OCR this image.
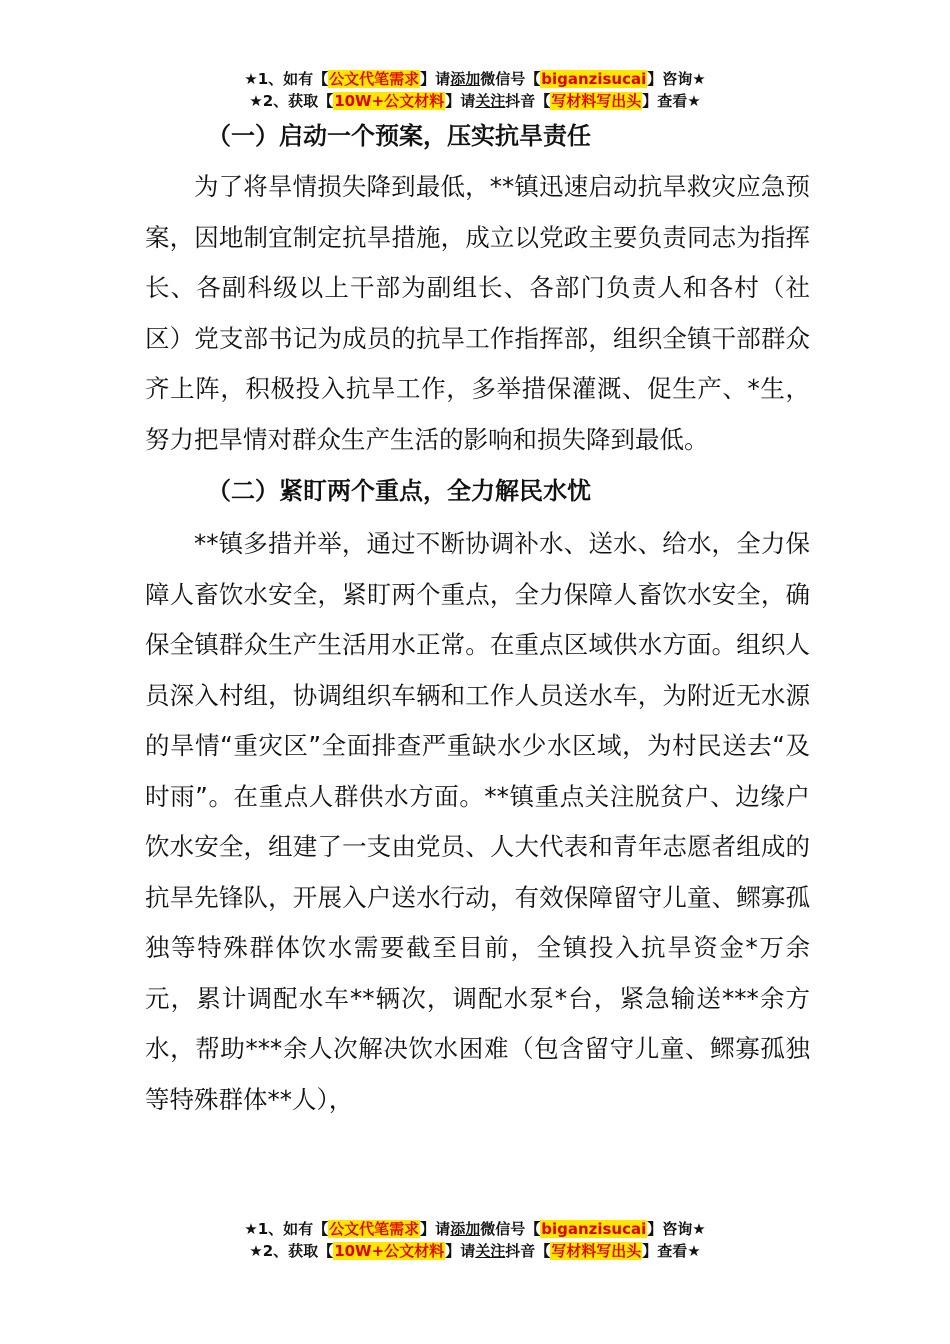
★1、如有【公文代笔需求】请添加微信号【biganzisucai】咨询★
★2、获取【10W+公文材料】请关注抖音【写材料写出头】查看★
（一）启动一个预案，压实抗旱责任

为了将旱情损失降到最低，**镇迅速启动抗旱救灾应急预案，因地制宜制定抗旱措施，成立以党政主要负责同志为指挥长、各副科级以上干部为副组长、各部门负责人和各村（社区）党支部书记为成员的抗旱工作指挥部，组织全镇干部群众齐上阵，积极投入抗旱工作，多举措保灌溉、促生产、*生，努力把旱情对群众生产生活的影响和损失降到最低。

（二）紧盯两个重点，全力解民水忧

**镇多措并举，通过不断协调补水、送水、给水，全力保障人畜饮水安全，紧盯两个重点，全力保障人畜饮水安全，确保全镇群众生产生活用水正常。在重点区域供水方面。组织人员深入村组，协调组织车辆和工作人员送水车，为附近无水源的旱情“重灾区”全面排查严重缺水少水区域，为村民送去“及时雨”。在重点人群供水方面。**镇重点关注脱贫户、边缘户饮水安全，组建了一支由党员、人大代表和青年志愿者组成的抗旱先锋队，开展入户送水行动，有效保障留守儿童、鳏寡孤独等特殊群体饮水需要截至目前，全镇投入抗旱资金*万余元，累计调配水车**辆次，调配水泵*台，紧急输送***余方水，帮助***余人次解决饮水困难（包含留守儿童、鳏寡孤独等特殊群体**人），

★1、如有【公文代笔需求】请添加微信号【biganzisucai】咨询★
★2、获取【10W+公文材料】请关注抖音【写材料写出头】查看★
